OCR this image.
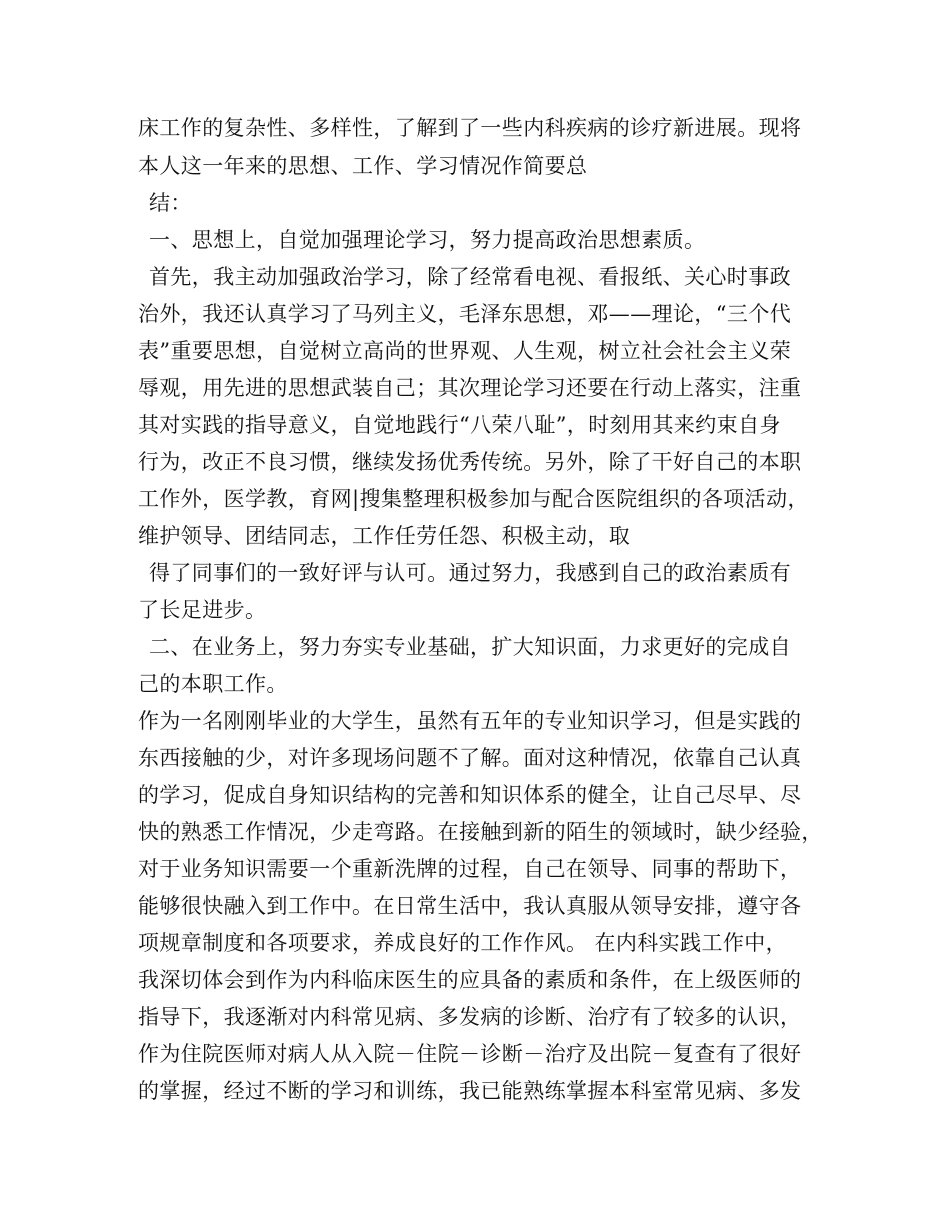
床工作的复杂性、多样性，了解到了一些内科疾病的诊疗新进展。现将
本人这一年来的思想、工作、学习情况作简要总
结：
一、思想上，自觉加强理论学习，努力提高政治思想素质。
首先，我主动加强政治学习，除了经常看电视、看报纸、关心时事政
治外，我还认真学习了马列主义，毛泽东思想，邓——理论，“三个代
表”重要思想，自觉树立高尚的世界观、人生观，树立社会社会主义荣
辱观，用先进的思想武装自己；其次理论学习还要在行动上落实，注重
其对实践的指导意义，自觉地践行“八荣八耻”，时刻用其来约束自身
行为，改正不良习惯，继续发扬优秀传统。另外，除了干好自己的本职
工作外，医学教，育网|搜集整理积极参加与配合医院组织的各项活动，
维护领导、团结同志，工作任劳任怨、积极主动，取
得了同事们的一致好评与认可。通过努力，我感到自己的政治素质有
了长足进步。
二、在业务上，努力夯实专业基础，扩大知识面，力求更好的完成自
己的本职工作。
作为一名刚刚毕业的大学生，虽然有五年的专业知识学习，但是实践的
东西接触的少，对许多现场问题不了解。面对这种情况，依靠自己认真
的学习，促成自身知识结构的完善和知识体系的健全，让自己尽早、尽
快的熟悉工作情况，少走弯路。在接触到新的陌生的领域时，缺少经验，
对于业务知识需要一个重新洗牌的过程，自己在领导、同事的帮助下，
能够很快融入到工作中。在日常生活中，我认真服从领导安排，遵守各
项规章制度和各项要求，养成良好的工作作风。 在内科实践工作中，
我深切体会到作为内科临床医生的应具备的素质和条件，在上级医师的
指导下，我逐渐对内科常见病、多发病的诊断、治疗有了较多的认识，
作为住院医师对病人从入院－住院－诊断－治疗及出院－复查有了很好
的掌握，经过不断的学习和训练，我已能熟练掌握本科室常见病、多发
